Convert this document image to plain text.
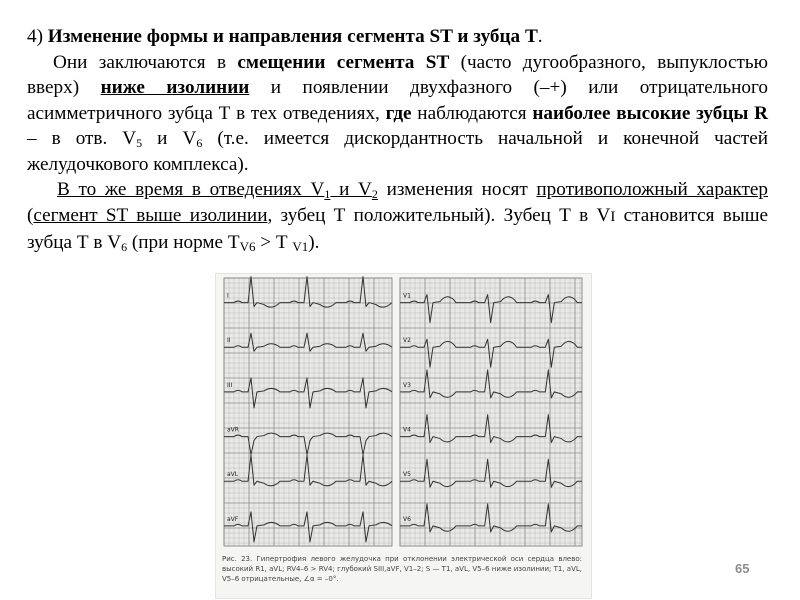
4) Изменение формы и направления сегмента ST и зубца Т.

Они заключаются в смещении сегмента ST (часто дугообразного, выпуклостью вверх) ниже изолинии и появлении двухфазного (–+) или отрицательного асимметричного зубца Т в тех отведениях, где наблюдаются наиболее высокие зубцы R – в отв. $V_5$ и $V_6$ (т.е. имеется дискордантность начальной и конечной частей желудочкового комплекса).

В то же время в отведениях $V_1$ и $V_2$ изменения носят противоположный характер (сегмент ST выше изолинии, зубец Т положительный). Зубец Т в VI становится выше зубца Т в $V_6$ (при норме ТV6 > Т V1).

I
II
III
aVR
aVL
aVF
V1
V2
V3
V4
V5
V6
Рис. 23. Гипертрофия левого желудочка при отклонении электрической оси сердца влево: высокий R1, aVL; RV4–6 > RV4; глубокий SIII,aVF, V1–2; S — T1, aVL, V5–6 ниже изолинии; T1, aVL, V5–6 отрицательные, ∠α = –0°.
65
